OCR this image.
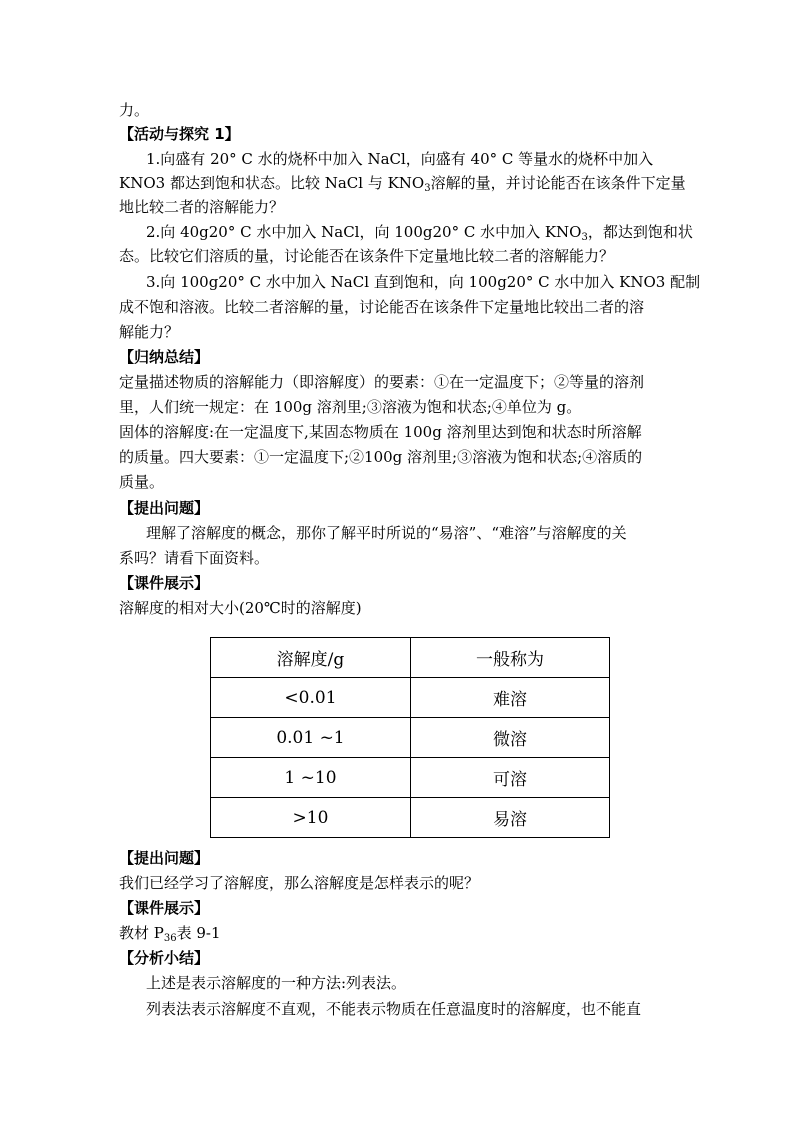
力。
【活动与探究 1】
1.向盛有 20° C 水的烧杯中加入 NaCl，向盛有 40° C 等量水的烧杯中加入
KNO3 都达到饱和状态。比较 NaCl 与 $KNO_3$溶解的量，并讨论能否在该条件下定量
地比较二者的溶解能力？
2.向 40g20° C 水中加入 NaCl，向 100g20° C 水中加入 $KNO_3$，都达到饱和状
态。比较它们溶质的量，讨论能否在该条件下定量地比较二者的溶解能力？
3.向 100g20° C 水中加入 NaCl 直到饱和，向 100g20° C 水中加入 KNO3 配制
成不饱和溶液。比较二者溶解的量，讨论能否在该条件下定量地比较出二者的溶
解能力？
【归纳总结】
定量描述物质的溶解能力（即溶解度）的要素：①在一定温度下；②等量的溶剂
里，人们统一规定：在 100g 溶剂里;③溶液为饱和状态;④单位为 g。
固体的溶解度:在一定温度下,某固态物质在 100g 溶剂里达到饱和状态时所溶解
的质量。四大要素：①一定温度下;②100g 溶剂里;③溶液为饱和状态;④溶质的
质量。
【提出问题】
理解了溶解度的概念，那你了解平时所说的“易溶”、“难溶”与溶解度的关
系吗？请看下面资料。
【课件展示】
溶解度的相对大小(20℃时的溶解度)
溶解度/g	一般称为
<0.01	难溶
0.01 ~1	微溶
1 ~10	可溶
>10	易溶
【提出问题】
我们已经学习了溶解度，那么溶解度是怎样表示的呢？
【课件展示】
教材 $P_{36}$表 9-1
【分析小结】
上述是表示溶解度的一种方法:列表法。
列表法表示溶解度不直观，不能表示物质在任意温度时的溶解度，也不能直
